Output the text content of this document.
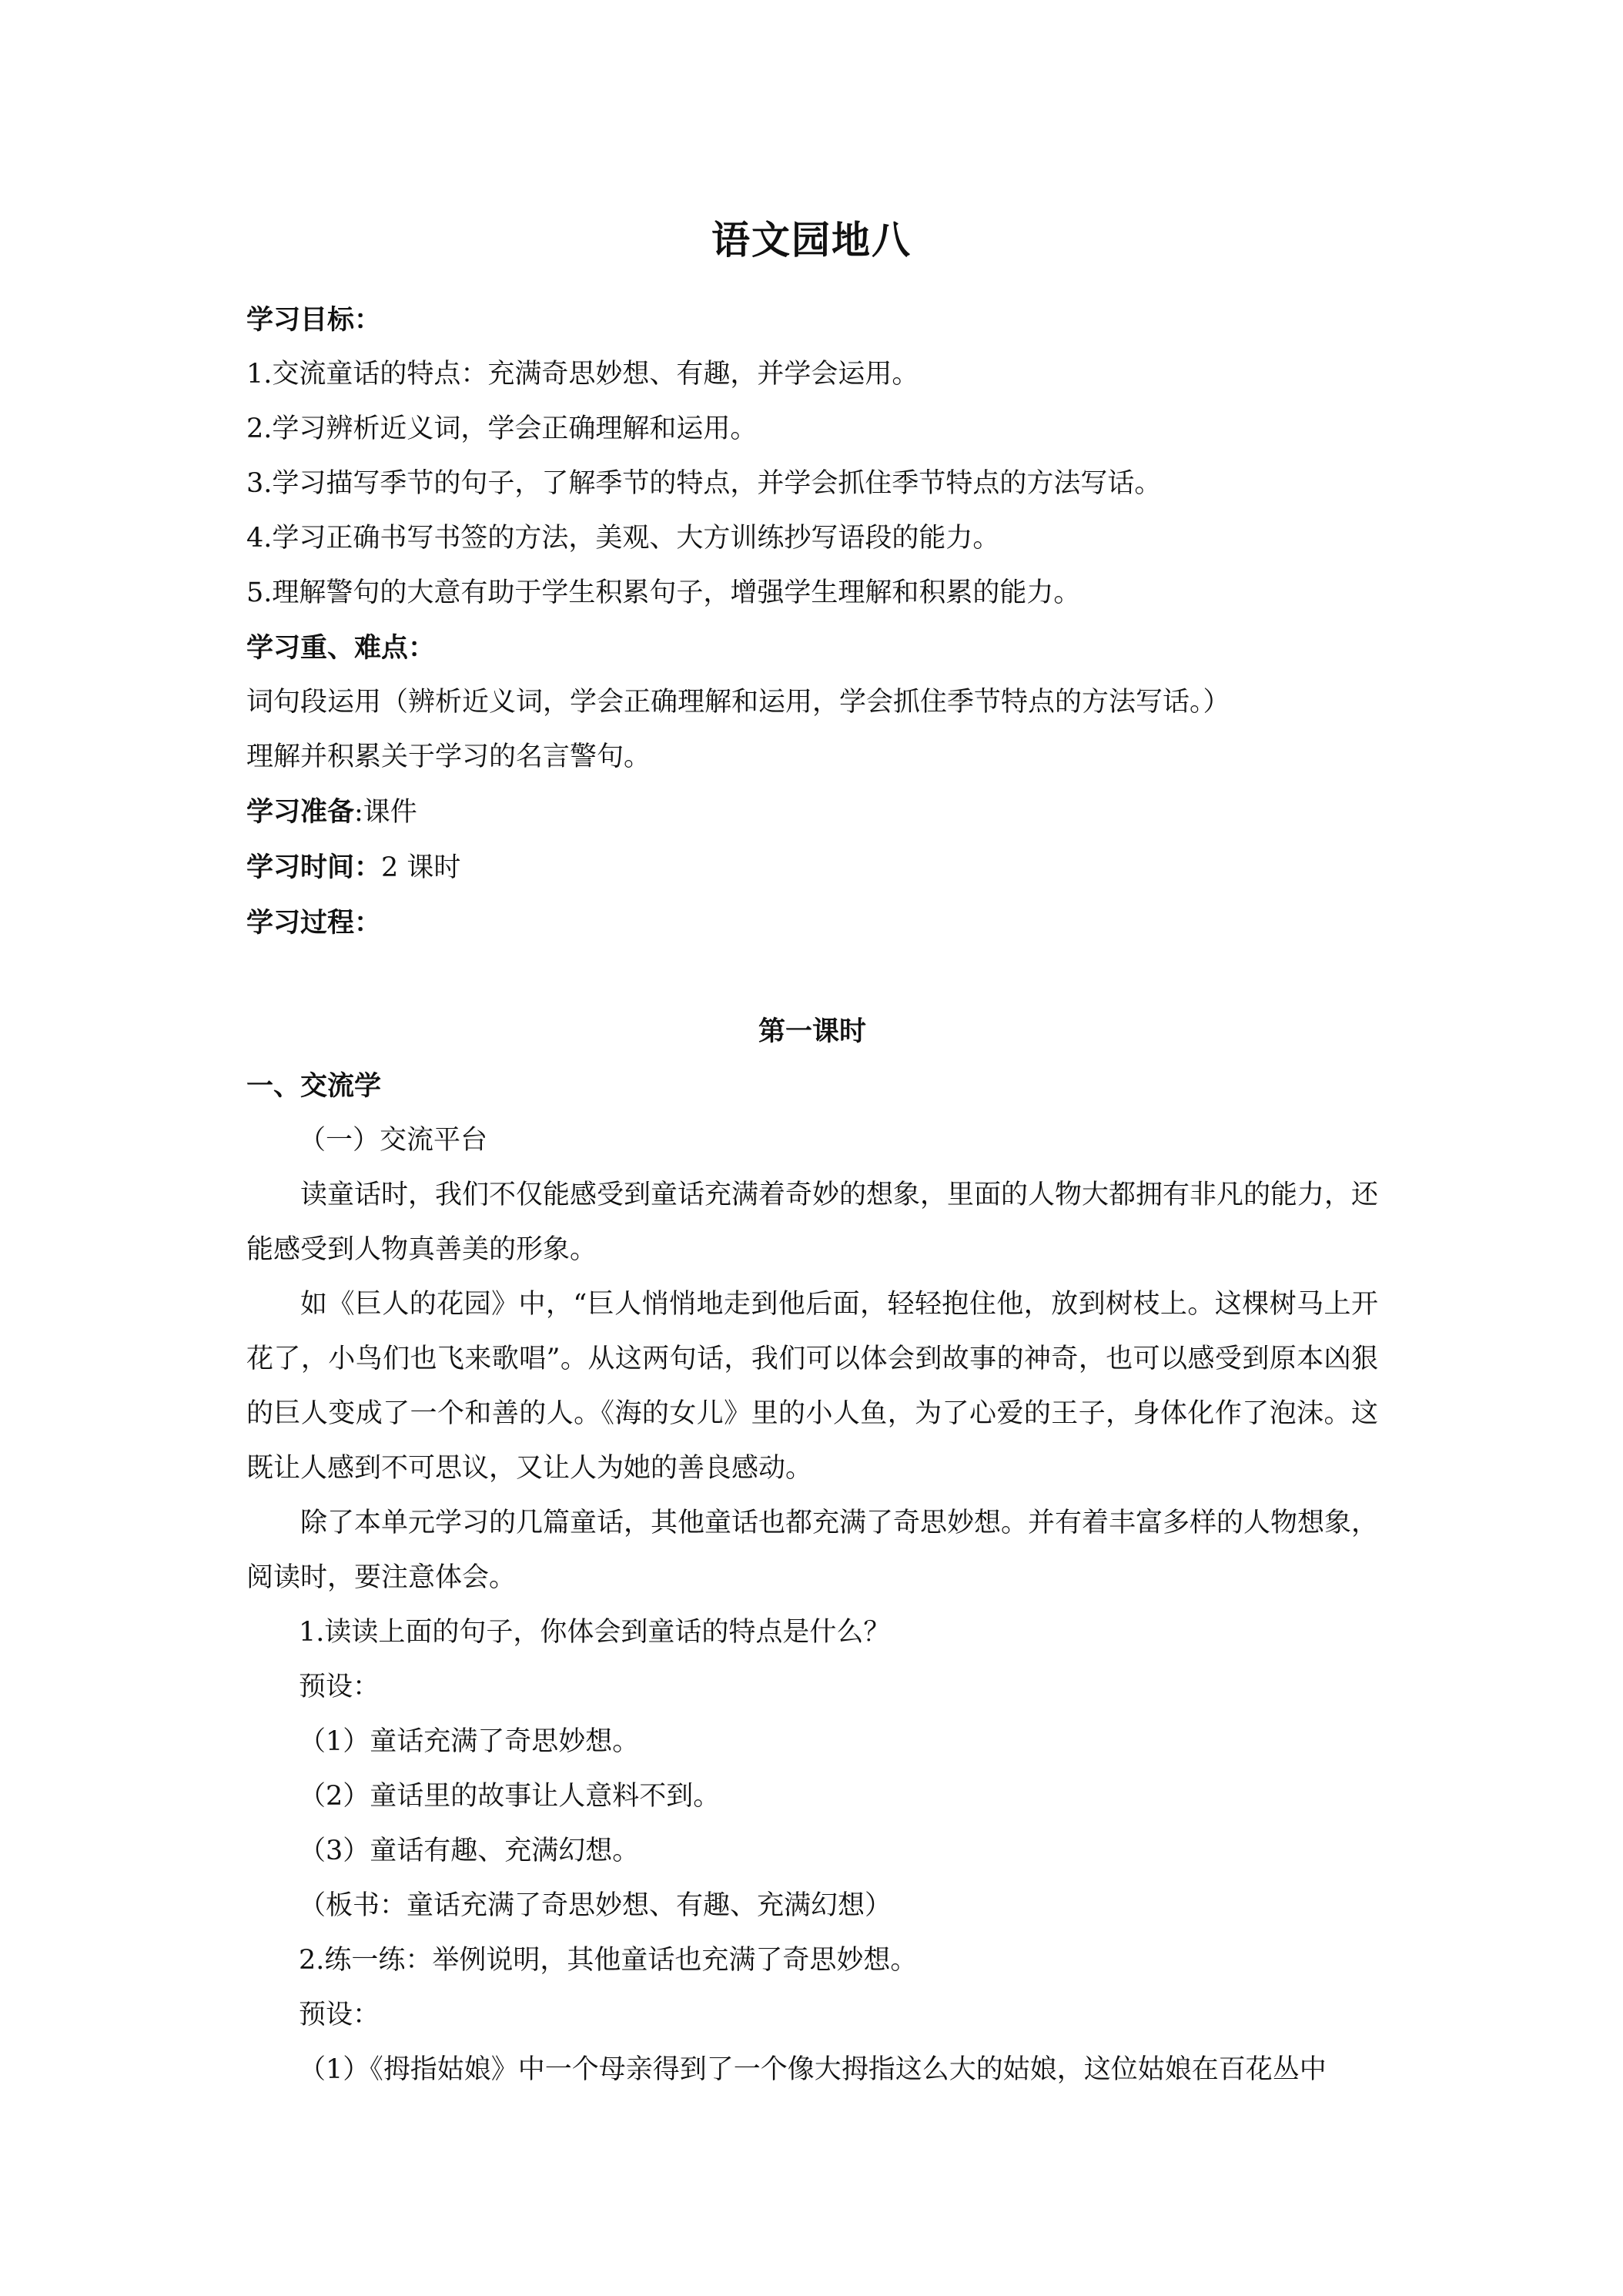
语文园地八

学习目标：

1.交流童话的特点：充满奇思妙想、有趣，并学会运用。

2.学习辨析近义词，学会正确理解和运用。

3.学习描写季节的句子，了解季节的特点，并学会抓住季节特点的方法写话。

4.学习正确书写书签的方法，美观、大方训练抄写语段的能力。

5.理解警句的大意有助于学生积累句子，增强学生理解和积累的能力。

学习重、难点：

词句段运用（辨析近义词，学会正确理解和运用，学会抓住季节特点的方法写话。）

理解并积累关于学习的名言警句。

学习准备:课件

学习时间：2 课时

学习过程：

第一课时

一、交流学

（一）交流平台

读童话时，我们不仅能感受到童话充满着奇妙的想象，里面的人物大都拥有非凡的能力，还能感受到人物真善美的形象。

如《巨人的花园》中，“巨人悄悄地走到他后面，轻轻抱住他，放到树枝上。这棵树马上开花了，小鸟们也飞来歌唱”。从这两句话，我们可以体会到故事的神奇，也可以感受到原本凶狠的巨人变成了一个和善的人。《海的女儿》里的小人鱼，为了心爱的王子，身体化作了泡沫。这既让人感到不可思议，又让人为她的善良感动。

除了本单元学习的几篇童话，其他童话也都充满了奇思妙想。并有着丰富多样的人物想象，阅读时，要注意体会。

1.读读上面的句子，你体会到童话的特点是什么？

预设：

（1）童话充满了奇思妙想。

（2）童话里的故事让人意料不到。

（3）童话有趣、充满幻想。

（板书：童话充满了奇思妙想、有趣、充满幻想）

2.练一练：举例说明，其他童话也充满了奇思妙想。

预设：

（1）《拇指姑娘》中一个母亲得到了一个像大拇指这么大的姑娘，这位姑娘在百花丛中
